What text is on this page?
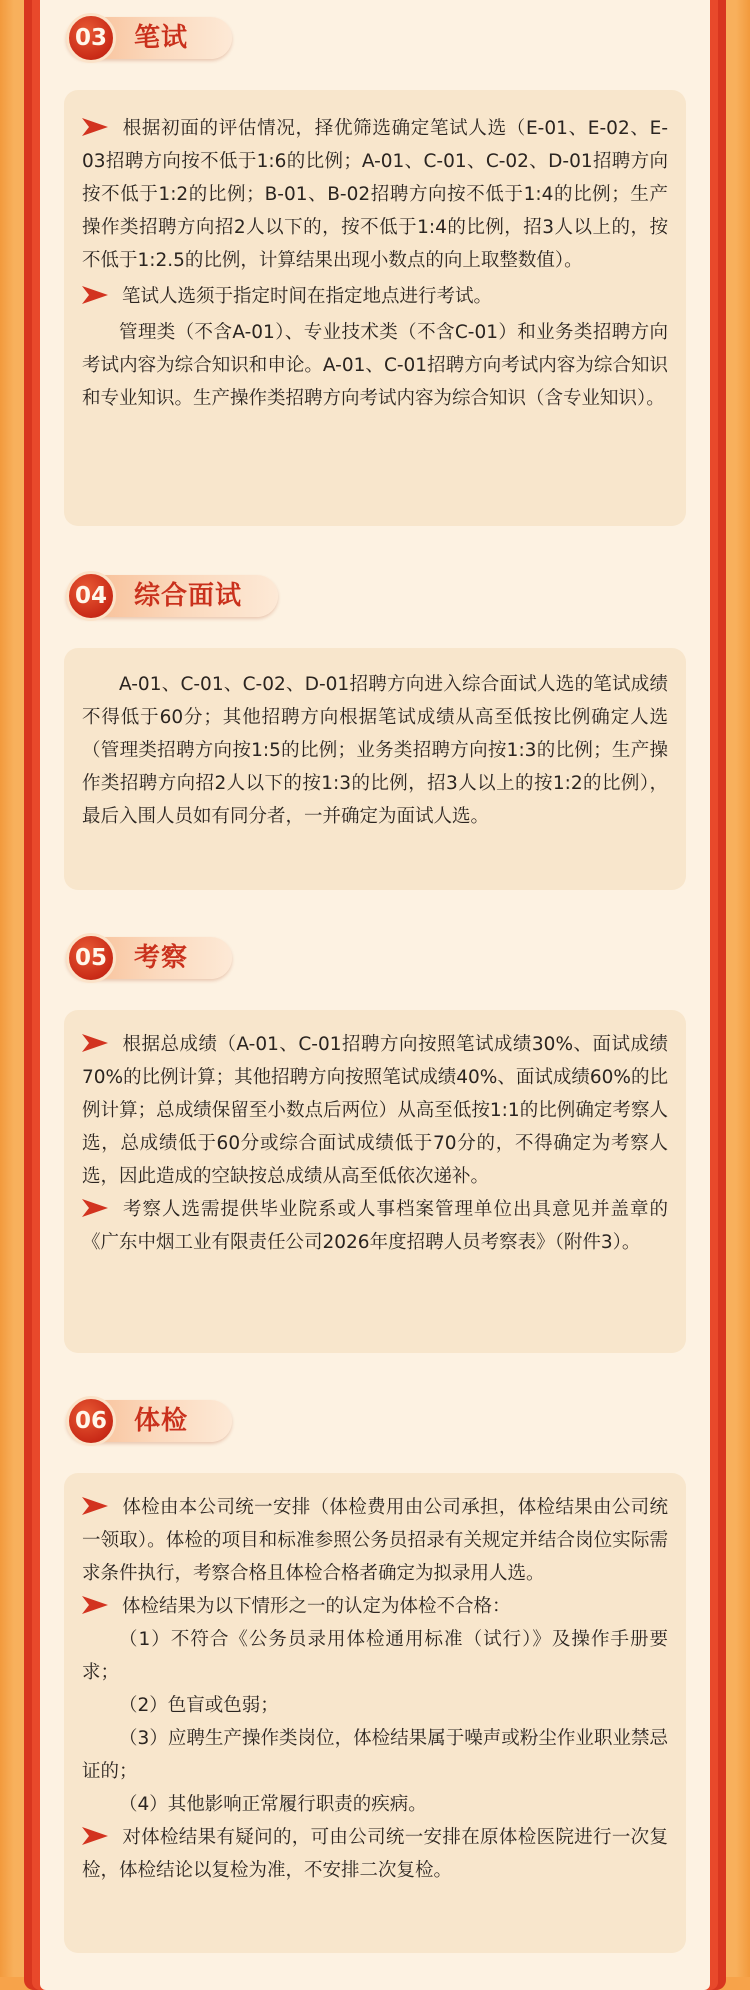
03	笔试

根据初面的评估情况，择优筛选确定笔试人选（E-01、E-02、E-03招聘方向按不低于1:6的比例；A-01、C-01、C-02、D-01招聘方向按不低于1:2的比例；B-01、B-02招聘方向按不低于1:4的比例；生产操作类招聘方向招2人以下的，按不低于1:4的比例，招3人以上的，按不低于1:2.5的比例，计算结果出现小数点的向上取整数值）。

笔试人选须于指定时间在指定地点进行考试。

管理类（不含A-01）、专业技术类（不含C-01）和业务类招聘方向考试内容为综合知识和申论。A-01、C-01招聘方向考试内容为综合知识和专业知识。生产操作类招聘方向考试内容为综合知识（含专业知识）。

04	综合面试

A-01、C-01、C-02、D-01招聘方向进入综合面试人选的笔试成绩不得低于60分；其他招聘方向根据笔试成绩从高至低按比例确定人选（管理类招聘方向按1:5的比例；业务类招聘方向按1:3的比例；生产操作类招聘方向招2人以下的按1:3的比例，招3人以上的按1:2的比例），最后入围人员如有同分者，一并确定为面试人选。

05	考察

根据总成绩（A-01、C-01招聘方向按照笔试成绩30%、面试成绩70%的比例计算；其他招聘方向按照笔试成绩40%、面试成绩60%的比例计算；总成绩保留至小数点后两位）从高至低按1:1的比例确定考察人选，总成绩低于60分或综合面试成绩低于70分的，不得确定为考察人选，因此造成的空缺按总成绩从高至低依次递补。

考察人选需提供毕业院系或人事档案管理单位出具意见并盖章的《广东中烟工业有限责任公司2026年度招聘人员考察表》（附件3）。

06	体检

体检由本公司统一安排（体检费用由公司承担，体检结果由公司统一领取）。体检的项目和标准参照公务员招录有关规定并结合岗位实际需求条件执行，考察合格且体检合格者确定为拟录用人选。

体检结果为以下情形之一的认定为体检不合格：

（1）不符合《公务员录用体检通用标准（试行）》及操作手册要求；

（2）色盲或色弱；

（3）应聘生产操作类岗位，体检结果属于噪声或粉尘作业职业禁忌证的；

（4）其他影响正常履行职责的疾病。

对体检结果有疑问的，可由公司统一安排在原体检医院进行一次复检，体检结论以复检为准，不安排二次复检。
